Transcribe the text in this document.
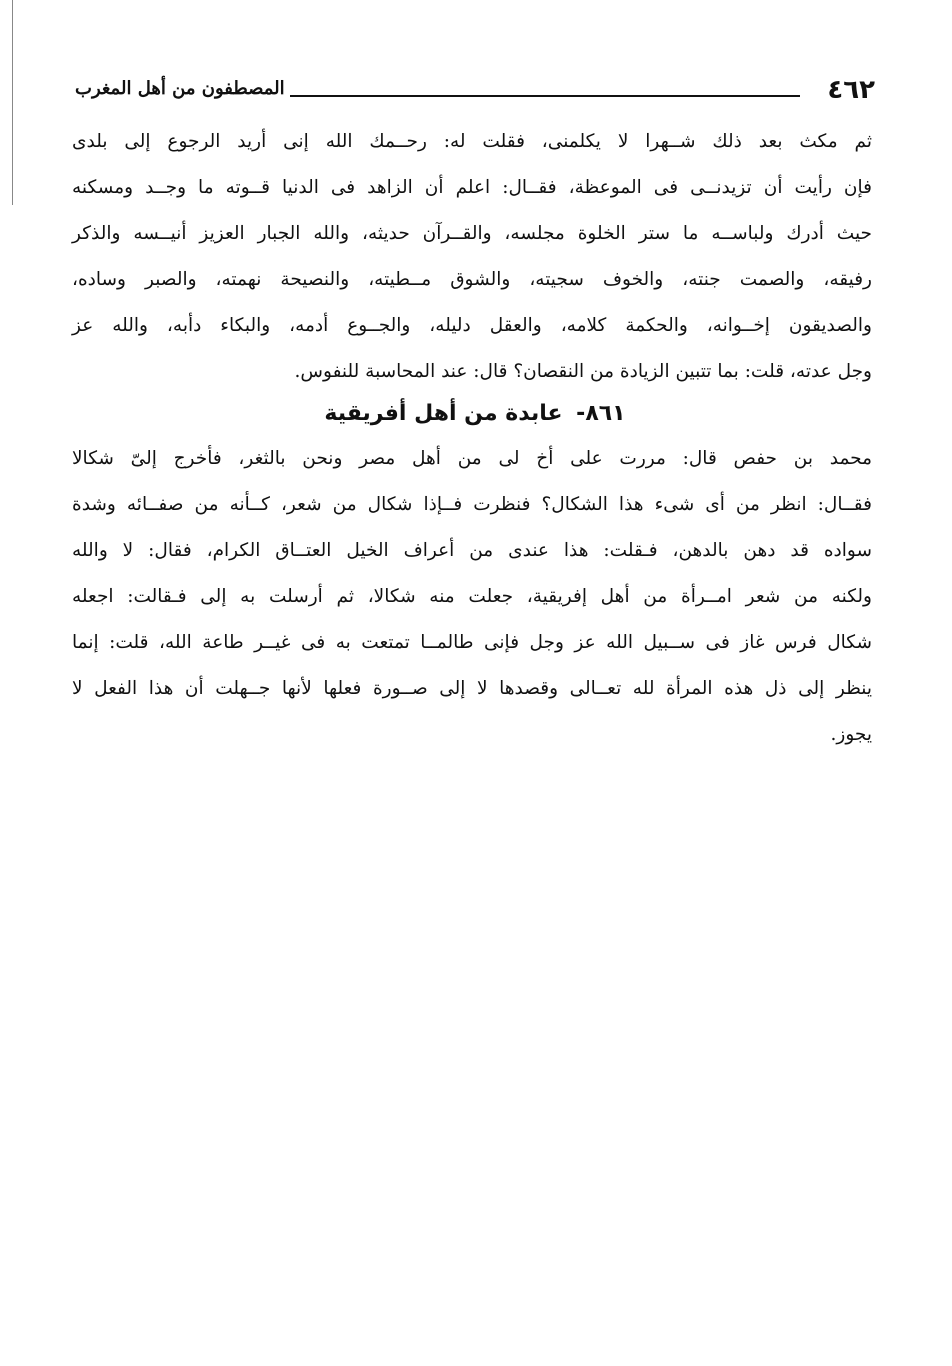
٤٦٢
المصطفون من أهل المغرب
ثم مكث بعد ذلك شــهرا لا يكلمنى، فقلت له: رحــمك الله إنى أريد الرجوع إلى بلدى
فإن رأيت أن تزيدنــى فى الموعظة، فقــال: اعلم أن الزاهد فى الدنيا قــوته ما وجــد ومسكنه
حيث أدرك ولباســه ما ستر الخلوة مجلسه، والقــرآن حديثه، والله الجبار العزيز أنيــسه والذكر
رفيقه، والصمت جنته، والخوف سجيته، والشوق مــطيته، والنصيحة نهمته، والصبر وساده،
والصديقون إخــوانه، والحكمة كلامه، والعقل دليله، والجــوع أدمه، والبكاء دأبه، والله عز
وجل عدته، قلت: بما تتبين الزيادة من النقصان؟ قال: عند المحاسبة للنفوس.
٨٦١- عابدة من أهل أفريقية
محمد بن حفص قال: مررت على أخ لى من أهل مصر ونحن بالثغر، فأخرج إلىّ شكالا
فقــال: انظر من أى شىء هذا الشكال؟ فنظرت فــإذا شكال من شعر، كــأنه من صفــائه وشدة
سواده قد دهن بالدهن، فـقلت: هذا عندى من أعراف الخيل العتــاق الكرام، فقال: لا والله
ولكنه من شعر امــرأة من أهل إفريقية، جعلت منه شكالا، ثم أرسلت به إلى فـقالت: اجعله
شكال فرس غاز فى ســبيل الله عز وجل فإنى طالمــا تمتعت به فى غيــر طاعة الله، قلت: إنما
ينظر إلى ذل هذه المرأة لله تعــالى وقصدها لا إلى صــورة فعلها لأنها جــهلت أن هذا الفعل لا
يجوز.
